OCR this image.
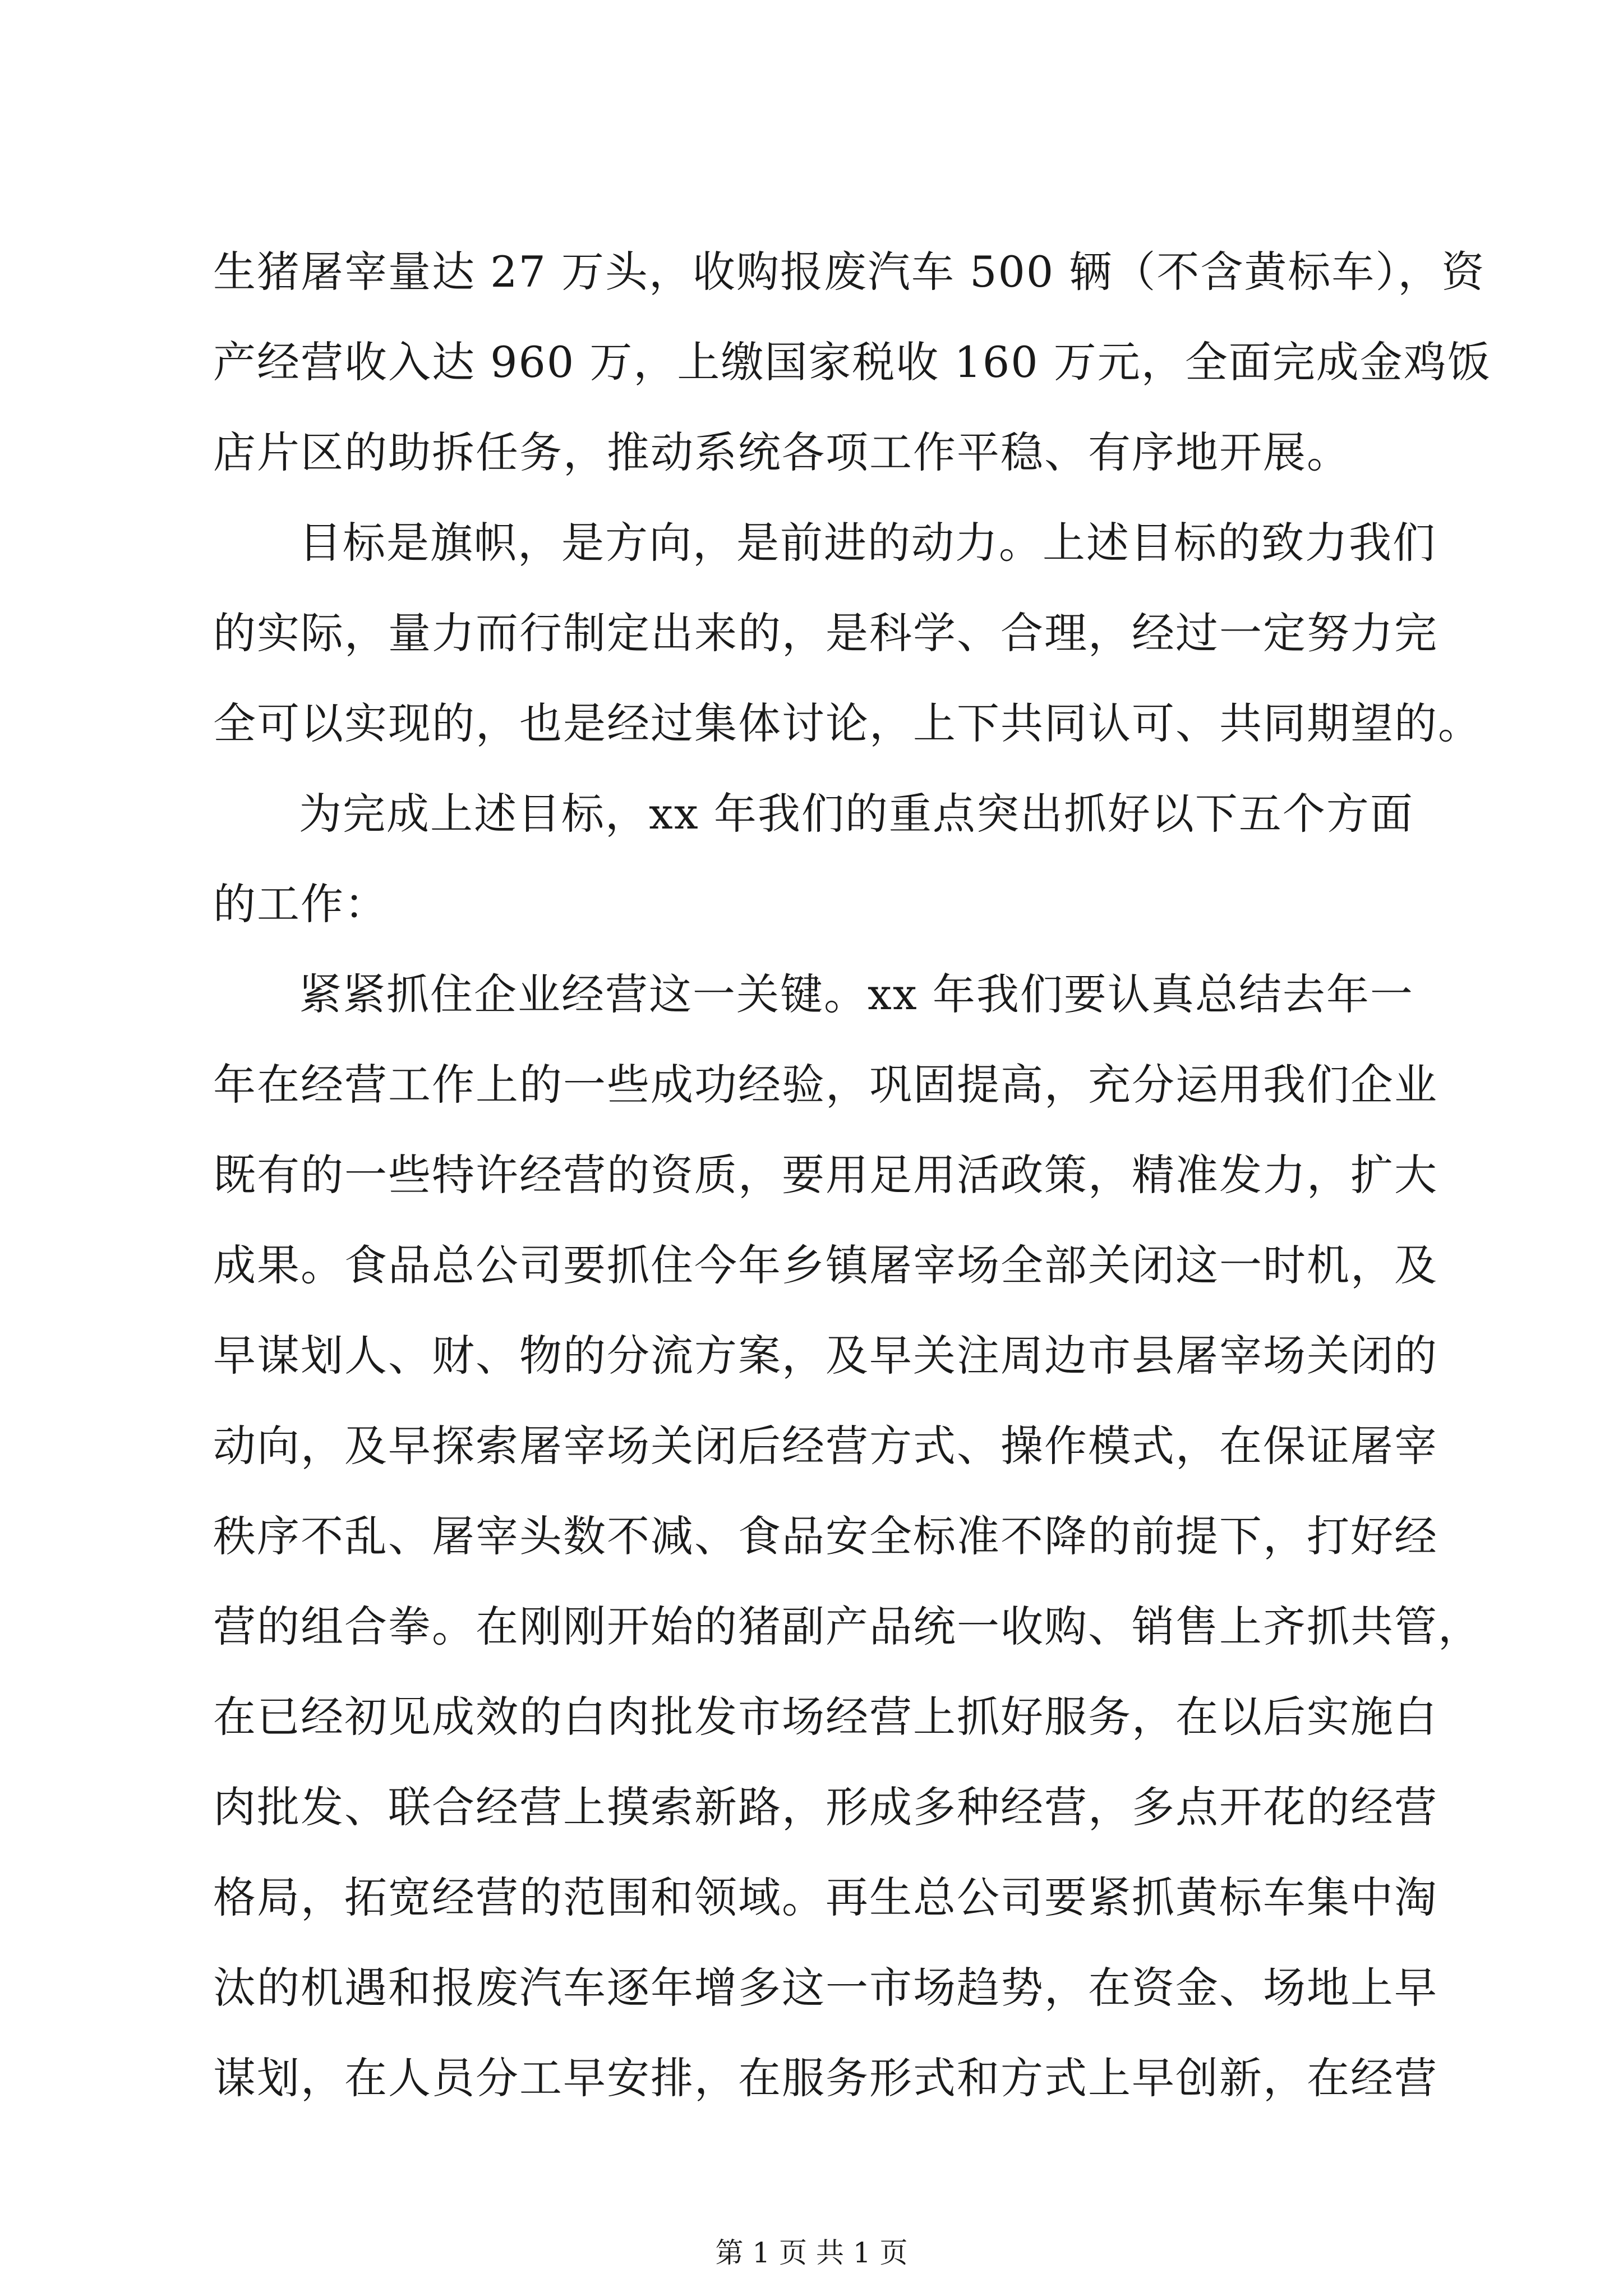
生猪屠宰量达 27 万头，收购报废汽车 500 辆（不含黄标车），资
产经营收入达 960 万，上缴国家税收 160 万元，全面完成金鸡饭
店片区的助拆任务，推动系统各项工作平稳、有序地开展。
目标是旗帜，是方向，是前进的动力。上述目标的致力我们
的实际，量力而行制定出来的，是科学、合理，经过一定努力完
全可以实现的，也是经过集体讨论，上下共同认可、共同期望的。
为完成上述目标，xx 年我们的重点突出抓好以下五个方面
的工作：
紧紧抓住企业经营这一关键。xx 年我们要认真总结去年一
年在经营工作上的一些成功经验，巩固提高，充分运用我们企业
既有的一些特许经营的资质，要用足用活政策，精准发力，扩大
成果。食品总公司要抓住今年乡镇屠宰场全部关闭这一时机，及
早谋划人、财、物的分流方案，及早关注周边市县屠宰场关闭的
动向，及早探索屠宰场关闭后经营方式、操作模式，在保证屠宰
秩序不乱、屠宰头数不减、食品安全标准不降的前提下，打好经
营的组合拳。在刚刚开始的猪副产品统一收购、销售上齐抓共管，
在已经初见成效的白肉批发市场经营上抓好服务，在以后实施白
肉批发、联合经营上摸索新路，形成多种经营，多点开花的经营
格局，拓宽经营的范围和领域。再生总公司要紧抓黄标车集中淘
汰的机遇和报废汽车逐年增多这一市场趋势，在资金、场地上早
谋划，在人员分工早安排，在服务形式和方式上早创新，在经营
第 1 页 共 1 页
